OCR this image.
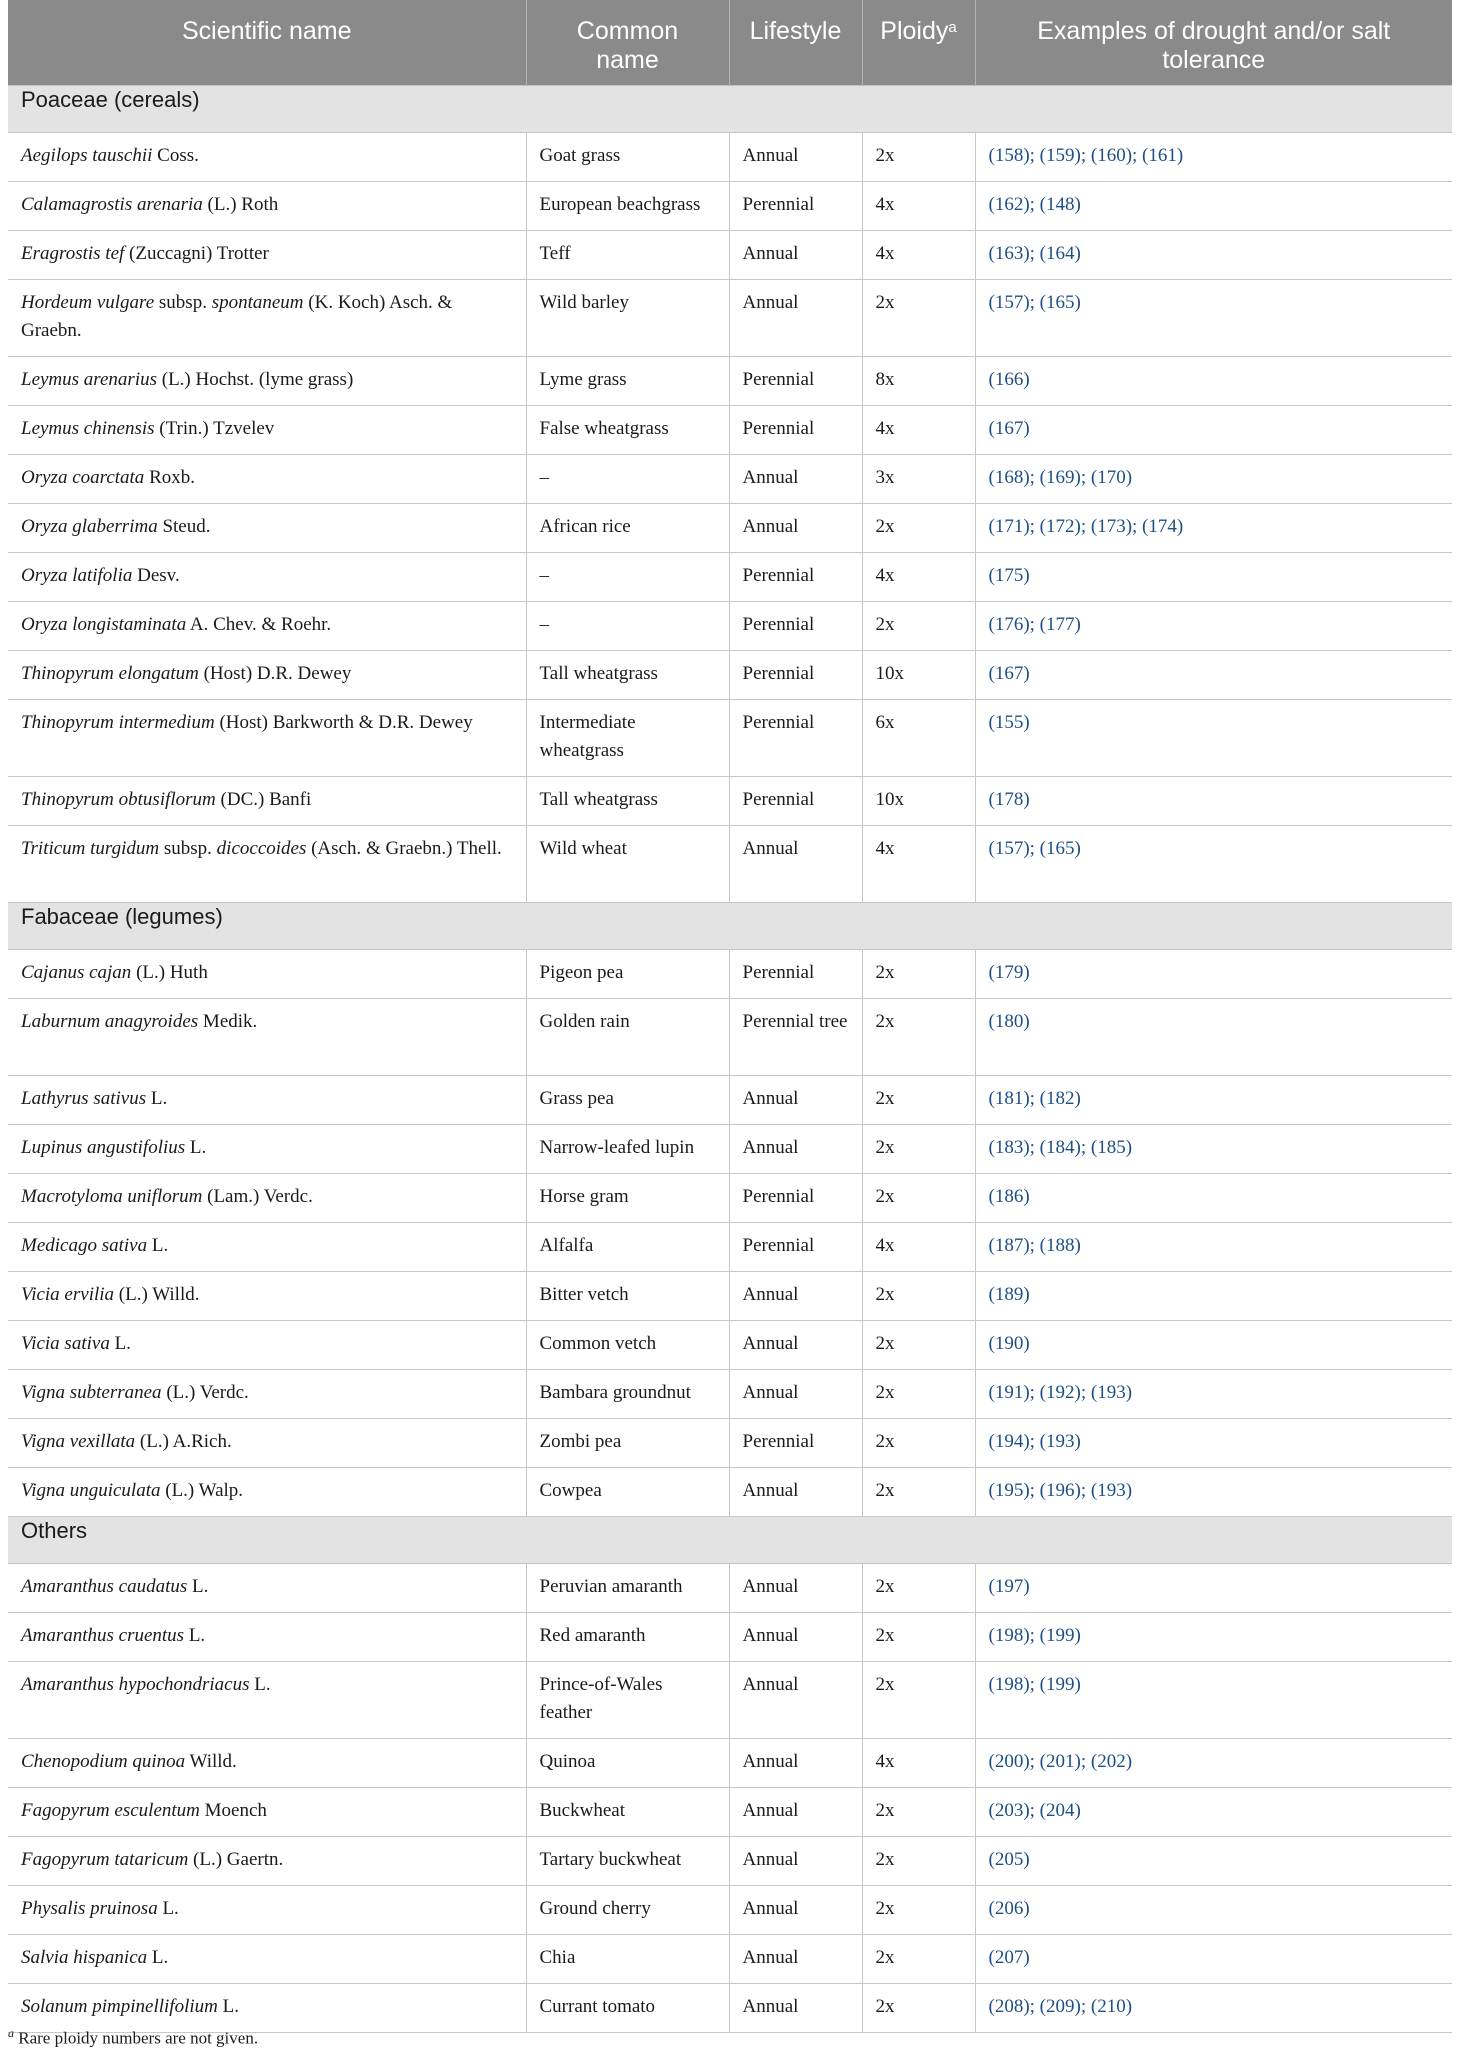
Scientific name	Common name	Lifestyle	Ploidy$^a$	Examples of drought and/or salt tolerance
Poaceae (cereals)				
Aegilops tauschii Coss.	Goat grass	Annual	2x	(158); (159); (160); (161)
Calamagrostis arenaria (L.) Roth	European beachgrass	Perennial	4x	(162); (148)
Eragrostis tef (Zuccagni) Trotter	Teff	Annual	4x	(163); (164)
Hordeum vulgare subsp. spontaneum (K. Koch) Asch. & Graebn.	Wild barley	Annual	2x	(157); (165)
Leymus arenarius (L.) Hochst. (lyme grass)	Lyme grass	Perennial	8x	(166)
Leymus chinensis (Trin.) Tzvelev	False wheatgrass	Perennial	4x	(167)
Oryza coarctata Roxb.	–	Annual	3x	(168); (169); (170)
Oryza glaberrima Steud.	African rice	Annual	2x	(171); (172); (173); (174)
Oryza latifolia Desv.	–	Perennial	4x	(175)
Oryza longistaminata A. Chev. & Roehr.	–	Perennial	2x	(176); (177)
Thinopyrum elongatum (Host) D.R. Dewey	Tall wheatgrass	Perennial	10x	(167)
Thinopyrum intermedium (Host) Barkworth & D.R. Dewey	Intermediate wheatgrass	Perennial	6x	(155)
Thinopyrum obtusiflorum (DC.) Banfi	Tall wheatgrass	Perennial	10x	(178)
Triticum turgidum subsp. dicoccoides (Asch. & Graebn.) Thell.	Wild wheat	Annual	4x	(157); (165)
Fabaceae (legumes)				
Cajanus cajan (L.) Huth	Pigeon pea	Perennial	2x	(179)
Laburnum anagyroides Medik.	Golden rain	Perennial tree	2x	(180)
Lathyrus sativus L.	Grass pea	Annual	2x	(181); (182)
Lupinus angustifolius L.	Narrow-leafed lupin	Annual	2x	(183); (184); (185)
Macrotyloma uniflorum (Lam.) Verdc.	Horse gram	Perennial	2x	(186)
Medicago sativa L.	Alfalfa	Perennial	4x	(187); (188)
Vicia ervilia (L.) Willd.	Bitter vetch	Annual	2x	(189)
Vicia sativa L.	Common vetch	Annual	2x	(190)
Vigna subterranea (L.) Verdc.	Bambara groundnut	Annual	2x	(191); (192); (193)
Vigna vexillata (L.) A.Rich.	Zombi pea	Perennial	2x	(194); (193)
Vigna unguiculata (L.) Walp.	Cowpea	Annual	2x	(195); (196); (193)
Others				
Amaranthus caudatus L.	Peruvian amaranth	Annual	2x	(197)
Amaranthus cruentus L.	Red amaranth	Annual	2x	(198); (199)
Amaranthus hypochondriacus L.	Prince-of-Wales feather	Annual	2x	(198); (199)
Chenopodium quinoa Willd.	Quinoa	Annual	4x	(200); (201); (202)
Fagopyrum esculentum Moench	Buckwheat	Annual	2x	(203); (204)
Fagopyrum tataricum (L.) Gaertn.	Tartary buckwheat	Annual	2x	(205)
Physalis pruinosa L.	Ground cherry	Annual	2x	(206)
Salvia hispanica L.	Chia	Annual	2x	(207)
Solanum pimpinellifolium L.	Currant tomato	Annual	2x	(208); (209); (210)
$^a$ Rare ploidy numbers are not given.
